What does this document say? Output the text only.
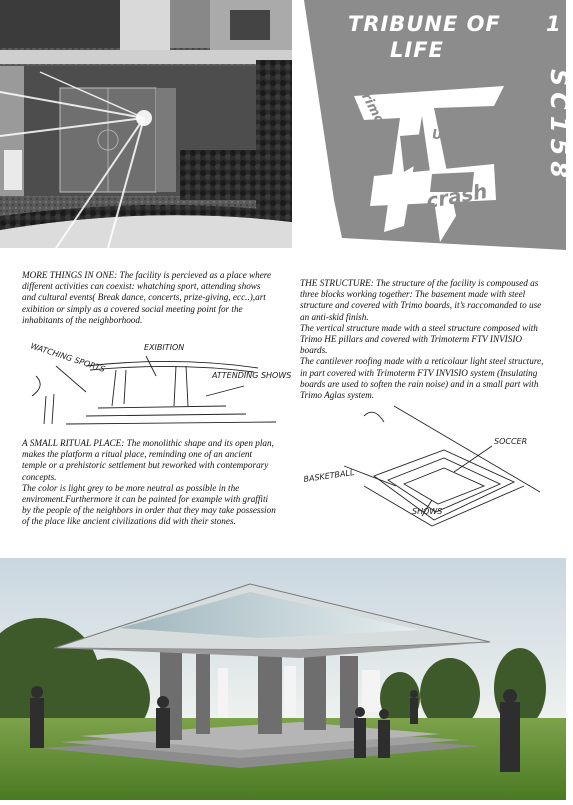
TRIBUNE OF
LIFE
1
SC158
Trimo
Urban
crash

MORE THINGS IN ONE: The facility is percieved as a place where different activities can coexist: whatching sport, attending shows and cultural events( Break dance, concerts, prize-giving, ecc..),art exibition or simply as a covered social meeting point for the inhabitants of the neighborhood.

THE STRUCTURE: The structure of the facility is compoused as three blocks working together: The basement made with steel structure and covered with Trimo boards, it’s raccomanded to use an anti-skid finish.

The vertical structure made with a steel structure composed with Trimo HE pillars and covered with Trimoterm FTV INVISIO boards.

The cantilever roofing made with a reticolaur light steel structure, in part covered with Trimoterm FTV INVISIO system (Insulating boards are used to soften the rain noise) and in a small part with Trimo Aglas system.

WATCHING SPORTS	EXIBITION
ATTENDING SHOWS
SOCCER
BASKETBALL
SHOWS

A SMALL RITUAL PLACE: The monolithic shape and its open plan, makes the platform a ritual place, reminding one of an ancient temple or a prehistoric settlement but reworked with contemporary concepts.

The color is light grey to be more neutral as possible in the enviroment.Furthermore it can be painted for example with graffiti by the people of the neighbors in order that they may take possession of the place like ancient civilizations did with their stones.
